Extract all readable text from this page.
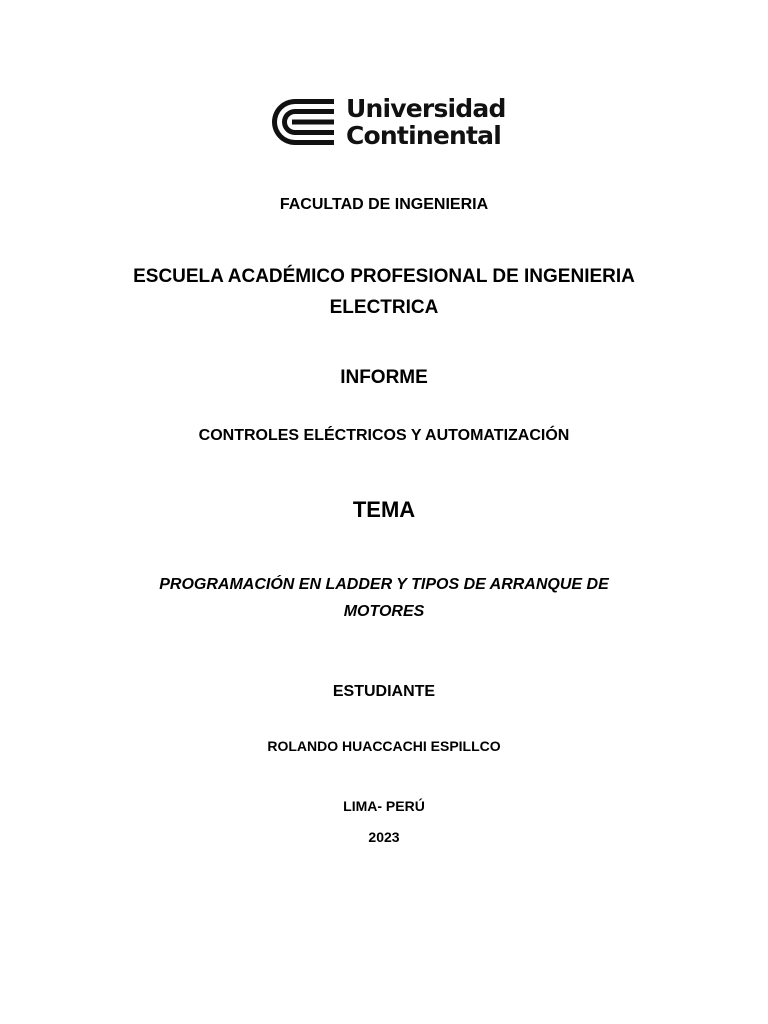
Universidad
Continental
FACULTAD DE INGENIERIA
ESCUELA ACADÉMICO PROFESIONAL DE INGENIERIA
ELECTRICA
INFORME
CONTROLES ELÉCTRICOS Y AUTOMATIZACIÓN
TEMA
PROGRAMACIÓN EN LADDER Y TIPOS DE ARRANQUE DE
MOTORES
ESTUDIANTE
ROLANDO HUACCACHI ESPILLCO
LIMA- PERÚ
2023
